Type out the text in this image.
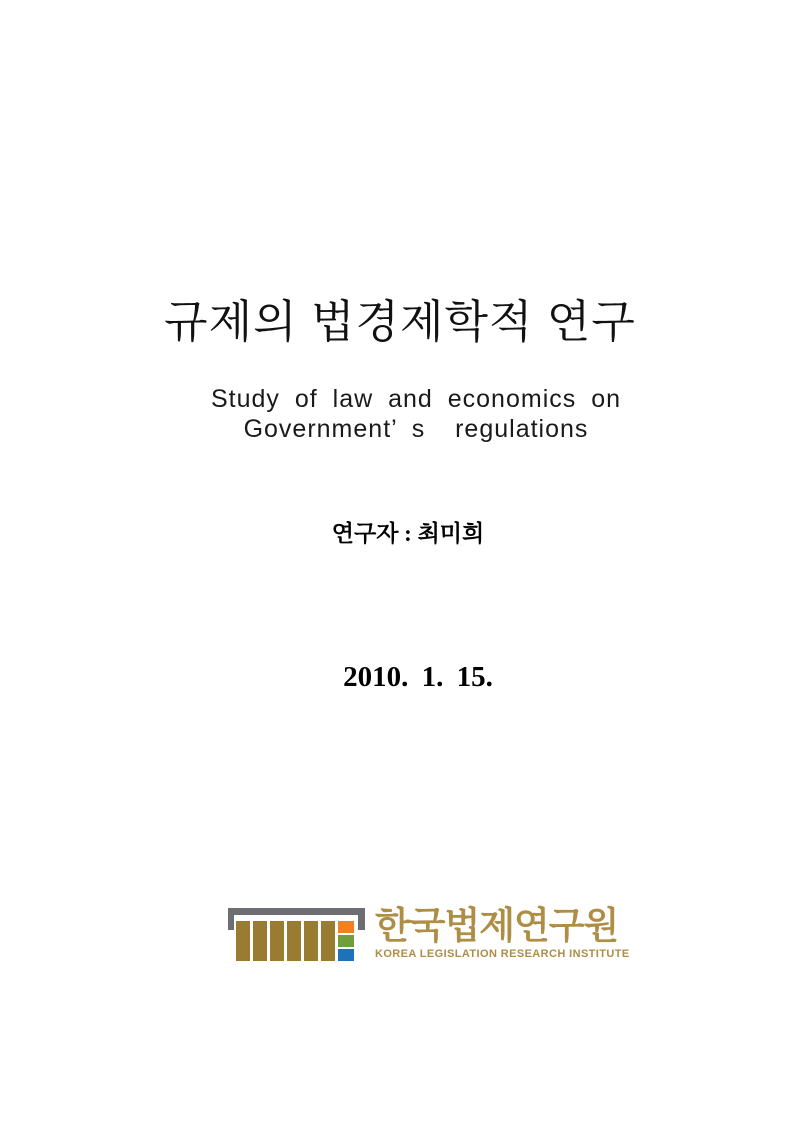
규제의 법경제학적 연구
Study of law and economics on
Government’ s  regulations
연구자 : 최미희
2010. 1. 15.
한국법제연구원
KOREA LEGISLATION RESEARCH INSTITUTE
